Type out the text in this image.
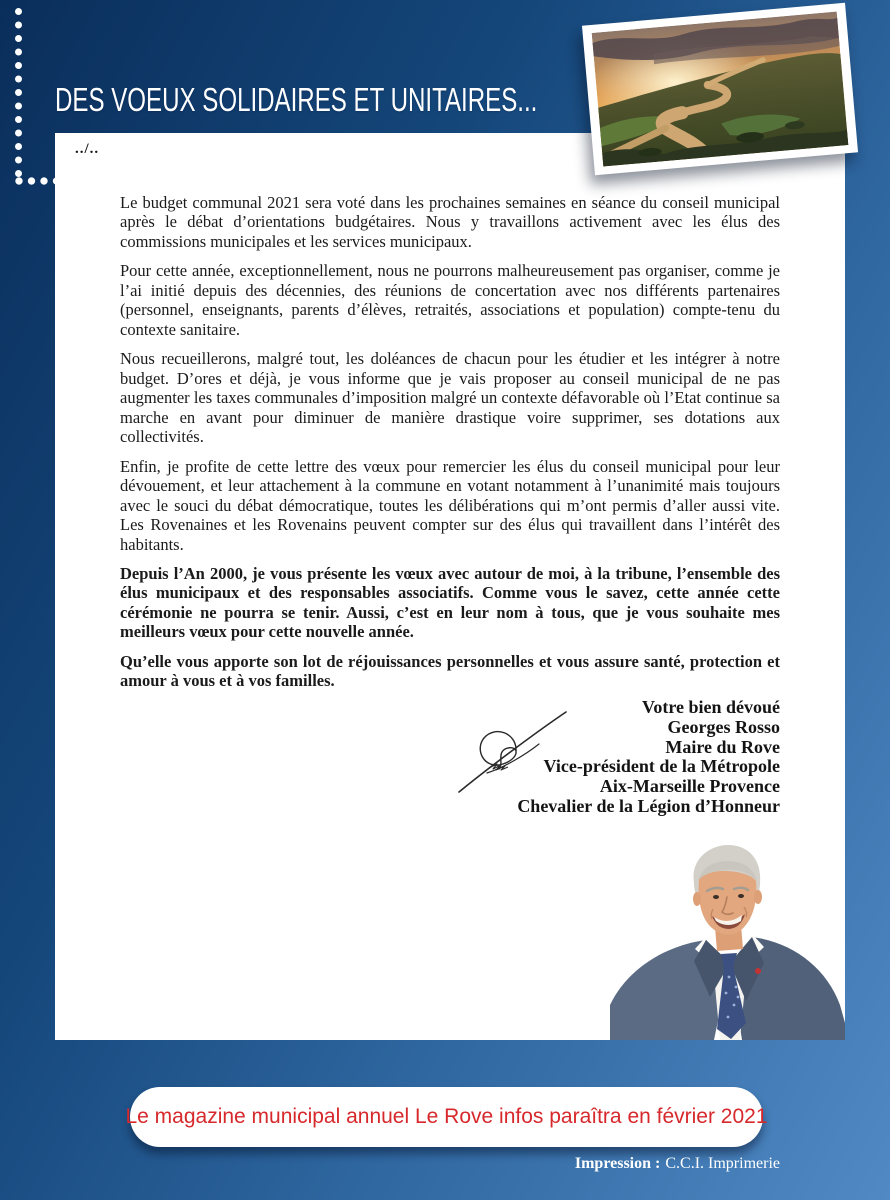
DES VOEUX SOLIDAIRES ET UNITAIRES...
../..

Le budget communal 2021 sera voté dans les prochaines semaines en séance du conseil municipal après le débat d’orientations budgétaires. Nous y travaillons activement avec les élus des commissions municipales et les services municipaux.

Pour cette année, exceptionnellement, nous ne pourrons malheureusement pas organiser, comme je l’ai initié depuis des décennies, des réunions de concertation avec nos différents partenaires (personnel, enseignants, parents d’élèves, retraités, associations et population) compte-tenu du contexte sanitaire.

Nous recueillerons, malgré tout, les doléances de chacun pour les étudier et les intégrer à notre budget. D’ores et déjà, je vous informe que je vais proposer au conseil municipal de ne pas augmenter les taxes communales d’imposition malgré un contexte défavorable où l’Etat continue sa marche en avant pour diminuer de manière drastique voire supprimer, ses dotations aux collectivités.

Enfin, je profite de cette lettre des vœux pour remercier les élus du conseil municipal pour leur dévouement, et leur attachement à la commune en votant notamment à l’unanimité mais toujours avec le souci du débat démocratique, toutes les délibérations qui m’ont permis d’aller aussi vite. Les Rovenaines et les Rovenains peuvent compter sur des élus qui travaillent dans l’intérêt des habitants.

Depuis l’An 2000, je vous présente les vœux avec autour de moi, à la tribune, l’ensemble des élus municipaux et des responsables associatifs. Comme vous le savez, cette année cette cérémonie ne pourra se tenir. Aussi, c’est en leur nom à tous, que je vous souhaite mes meilleurs vœux pour cette nouvelle année.

Qu’elle vous apporte son lot de réjouissances personnelles et vous assure santé, protection et amour à vous et à vos familles.

Votre bien dévoué
Georges Rosso
Maire du Rove
Vice-président de la Métropole
Aix-Marseille Provence
Chevalier de la Légion d’Honneur
Le magazine municipal annuel Le Rove infos paraîtra en février 2021
Impression : C.C.I. Imprimerie
